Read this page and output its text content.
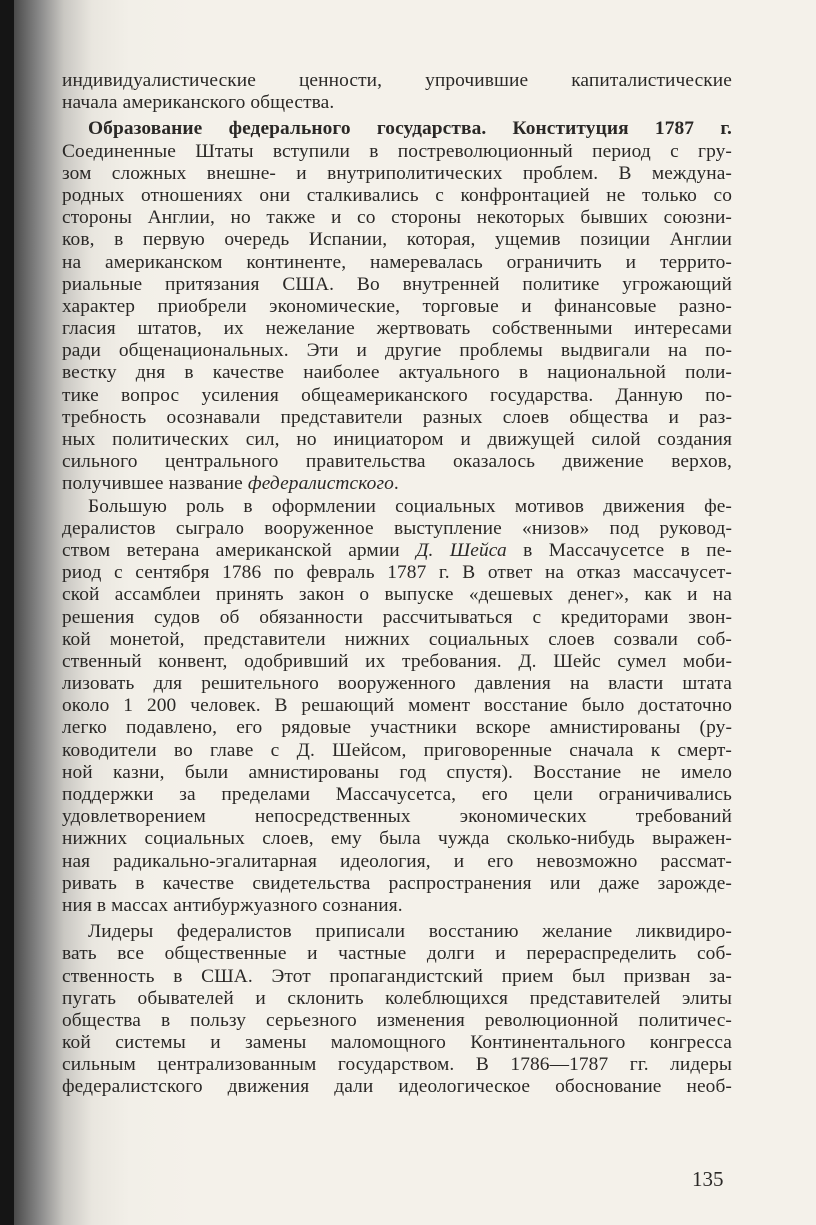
индивидуалистические ценности, упрочившие капиталистические
начала американского общества.
Образование федерального государства. Конституция 1787 г.
Соединенные Штаты вступили в постреволюционный период с гру-
зом сложных внешне- и внутриполитических проблем. В междуна-
родных отношениях они сталкивались с конфронтацией не только со
стороны Англии, но также и со стороны некоторых бывших союзни-
ков, в первую очередь Испании, которая, ущемив позиции Англии
на американском континенте, намеревалась ограничить и террито-
риальные притязания США. Во внутренней политике угрожающий
характер приобрели экономические, торговые и финансовые разно-
гласия штатов, их нежелание жертвовать собственными интересами
ради общенациональных. Эти и другие проблемы выдвигали на по-
вестку дня в качестве наиболее актуального в национальной поли-
тике вопрос усиления общеамериканского государства. Данную по-
требность осознавали представители разных слоев общества и раз-
ных политических сил, но инициатором и движущей силой создания
сильного центрального правительства оказалось движение верхов,
получившее название федералистского.
Большую роль в оформлении социальных мотивов движения фе-
дералистов сыграло вооруженное выступление «низов» под руковод-
ством ветерана американской армии Д. Шейса в Массачусетсе в пе-
риод с сентября 1786 по февраль 1787 г. В ответ на отказ массачусет-
ской ассамблеи принять закон о выпуске «дешевых денег», как и на
решения судов об обязанности рассчитываться с кредиторами звон-
кой монетой, представители нижних социальных слоев созвали соб-
ственный конвент, одобривший их требования. Д. Шейс сумел моби-
лизовать для решительного вооруженного давления на власти штата
около 1 200 человек. В решающий момент восстание было достаточно
легко подавлено, его рядовые участники вскоре амнистированы (ру-
ководители во главе с Д. Шейсом, приговоренные сначала к смерт-
ной казни, были амнистированы год спустя). Восстание не имело
поддержки за пределами Массачусетса, его цели ограничивались
удовлетворением непосредственных экономических требований
нижних социальных слоев, ему была чужда сколько-нибудь выражен-
ная радикально-эгалитарная идеология, и его невозможно рассмат-
ривать в качестве свидетельства распространения или даже зарожде-
ния в массах антибуржуазного сознания.
Лидеры федералистов приписали восстанию желание ликвидиро-
вать все общественные и частные долги и перераспределить соб-
ственность в США. Этот пропагандистский прием был призван за-
пугать обывателей и склонить колеблющихся представителей элиты
общества в пользу серьезного изменения революционной политичес-
кой системы и замены маломощного Континентального конгресса
сильным централизованным государством. В 1786—1787 гг. лидеры
федералистского движения дали идеологическое обоснование необ-
135
